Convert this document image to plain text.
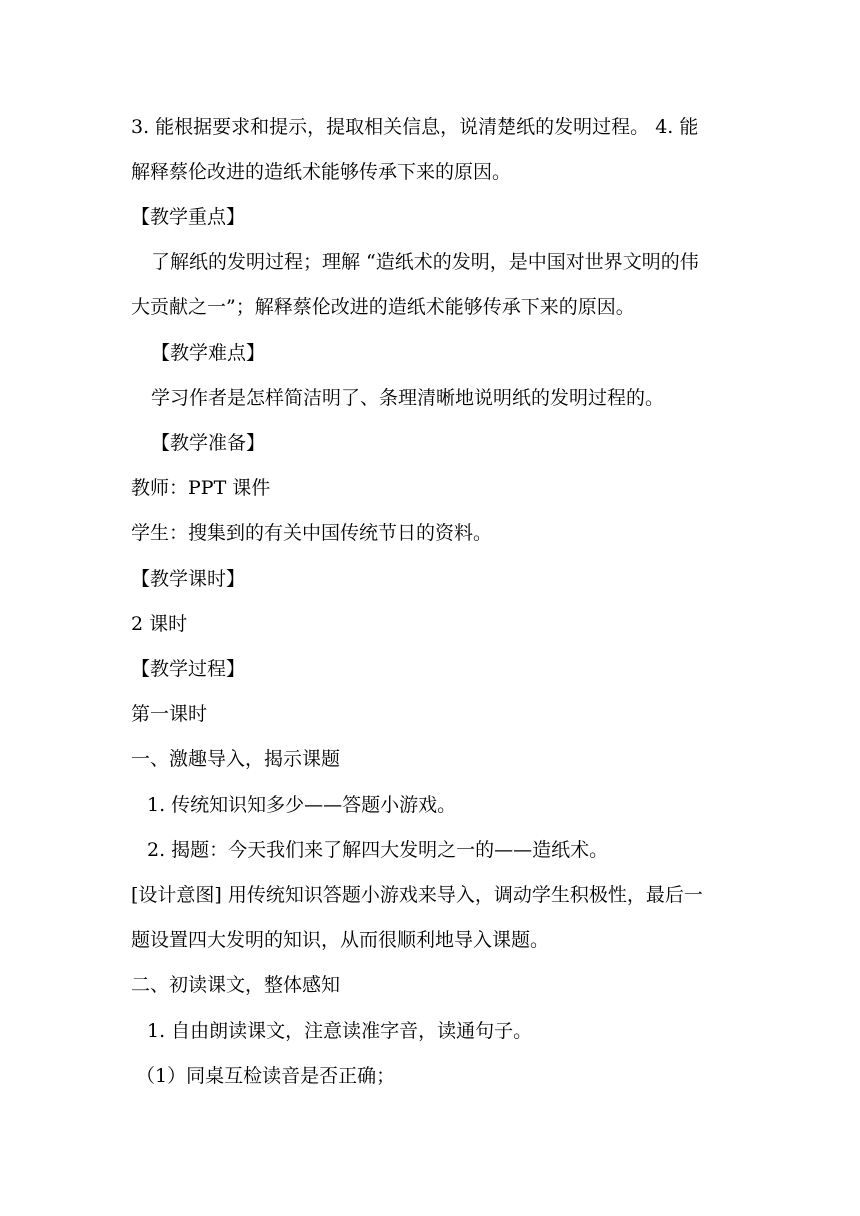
3. 能根据要求和提示，提取相关信息，说清楚纸的发明过程。 4. 能
解释蔡伦改进的造纸术能够传承下来的原因。
【教学重点】
了解纸的发明过程；理解 “造纸术的发明，是中国对世界文明的伟
大贡献之一”；解释蔡伦改进的造纸术能够传承下来的原因。
【教学难点】
学习作者是怎样简洁明了、条理清晰地说明纸的发明过程的。
【教学准备】
教师：PPT 课件
学生：搜集到的有关中国传统节日的资料。
【教学课时】
2 课时
【教学过程】
第一课时
一、激趣导入，揭示课题
1. 传统知识知多少——答题小游戏。
2. 揭题：今天我们来了解四大发明之一的——造纸术。
[设计意图] 用传统知识答题小游戏来导入，调动学生积极性，最后一
题设置四大发明的知识，从而很顺利地导入课题。
二、初读课文，整体感知
1. 自由朗读课文，注意读准字音，读通句子。
（1）同桌互检读音是否正确；
